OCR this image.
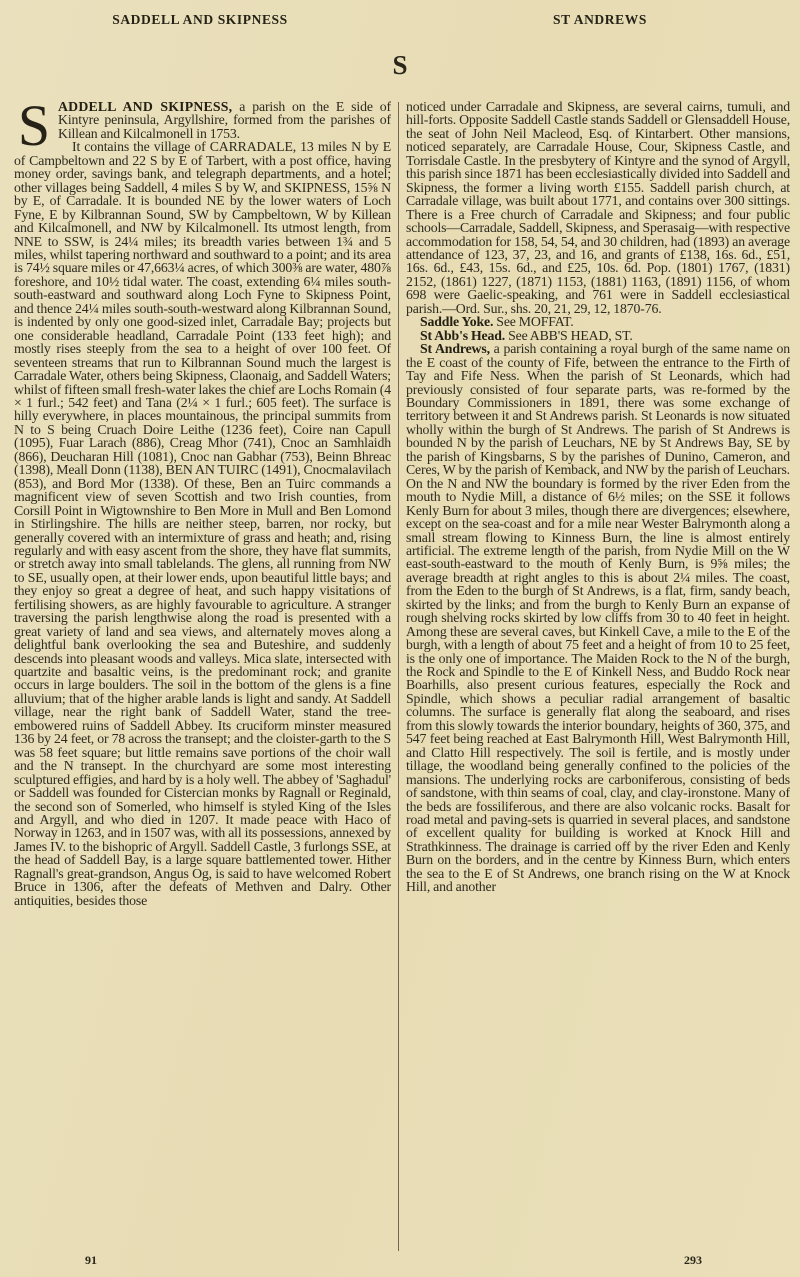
SADDELL AND SKIPNESS	ST ANDREWS
S
S ADDELL AND SKIPNESS, a parish on the E side of Kintyre peninsula, Argyllshire, formed from the parishes of Killean and Kilcalmonell in 1753.

It contains the village of CARRADALE, 13 miles N by E of Campbeltown and 22 S by E of Tarbert, with a post office, having money order, savings bank, and telegraph departments, and a hotel; other villages being Saddell, 4 miles S by W, and SKIPNESS, 15⅝ N by E, of Carradale. It is bounded NE by the lower waters of Loch Fyne, E by Kilbrannan Sound, SW by Campbeltown, W by Killean and Kilcalmonell, and NW by Kilcalmonell. Its utmost length, from NNE to SSW, is 24¼ miles; its breadth varies between 1¾ and 5 miles, whilst tapering northward and southward to a point; and its area is 74½ square miles or 47,663¼ acres, of which 300⅜ are water, 480⅞ foreshore, and 10½ tidal water. The coast, extending 6¼ miles south-south-eastward and southward along Loch Fyne to Skipness Point, and thence 24¼ miles south-south-westward along Kilbrannan Sound, is indented by only one good-sized inlet, Carradale Bay; projects but one considerable headland, Carradale Point (133 feet high); and mostly rises steeply from the sea to a height of over 100 feet. Of seventeen streams that run to Kilbrannan Sound much the largest is Carradale Water, others being Skipness, Claonaig, and Saddell Waters; whilst of fifteen small fresh-water lakes the chief are Lochs Romain (4 × 1 furl.; 542 feet) and Tana (2¼ × 1 furl.; 605 feet). The surface is hilly everywhere, in places mountainous, the principal summits from N to S being Cruach Doire Leithe (1236 feet), Coire nan Capull (1095), Fuar Larach (886), Creag Mhor (741), Cnoc an Samhlaidh (866), Deucharan Hill (1081), Cnoc nan Gabhar (753), Beinn Bhreac (1398), Meall Donn (1138), BEN AN TUIRC (1491), Cnocmalavilach (853), and Bord Mor (1338). Of these, Ben an Tuirc commands a magnificent view of seven Scottish and two Irish counties, from Corsill Point in Wigtownshire to Ben More in Mull and Ben Lomond in Stirlingshire. The hills are neither steep, barren, nor rocky, but generally covered with an intermixture of grass and heath; and, rising regularly and with easy ascent from the shore, they have flat summits, or stretch away into small tablelands. The glens, all running from NW to SE, usually open, at their lower ends, upon beautiful little bays; and they enjoy so great a degree of heat, and such happy visitations of fertilising showers, as are highly favourable to agriculture. A stranger traversing the parish lengthwise along the road is presented with a great variety of land and sea views, and alternately moves along a delightful bank overlooking the sea and Buteshire, and suddenly descends into pleasant woods and valleys. Mica slate, intersected with quartzite and basaltic veins, is the predominant rock; and granite occurs in large boulders. The soil in the bottom of the glens is a fine alluvium; that of the higher arable lands is light and sandy. At Saddell village, near the right bank of Saddell Water, stand the tree-embowered ruins of Saddell Abbey. Its cruciform minster measured 136 by 24 feet, or 78 across the transept; and the cloister-garth to the S was 58 feet square; but little remains save portions of the choir wall and the N transept. In the churchyard are some most interesting sculptured effigies, and hard by is a holy well. The abbey of 'Saghadul' or Saddell was founded for Cistercian monks by Ragnall or Reginald, the second son of Somerled, who himself is styled King of the Isles and Argyll, and who died in 1207. It made peace with Haco of Norway in 1263, and in 1507 was, with all its possessions, annexed by James IV. to the bishopric of Argyll. Saddell Castle, 3 furlongs SSE, at the head of Saddell Bay, is a large square battlemented tower. Hither Ragnall's great-grandson, Angus Og, is said to have welcomed Robert Bruce in 1306, after the defeats of Methven and Dalry. Other antiquities, besides those

noticed under Carradale and Skipness, are several cairns, tumuli, and hill-forts. Opposite Saddell Castle stands Saddell or Glensaddell House, the seat of John Neil Macleod, Esq. of Kintarbert. Other mansions, noticed separately, are Carradale House, Cour, Skipness Castle, and Torrisdale Castle. In the presbytery of Kintyre and the synod of Argyll, this parish since 1871 has been ecclesiastically divided into Saddell and Skipness, the former a living worth £155. Saddell parish church, at Carradale village, was built about 1771, and contains over 300 sittings. There is a Free church of Carradale and Skipness; and four public schools—Carradale, Saddell, Skipness, and Sperasaig—with respective accommodation for 158, 54, 54, and 30 children, had (1893) an average attendance of 123, 37, 23, and 16, and grants of £138, 16s. 6d., £51, 16s. 6d., £43, 15s. 6d., and £25, 10s. 6d. Pop. (1801) 1767, (1831) 2152, (1861) 1227, (1871) 1153, (1881) 1163, (1891) 1156, of whom 698 were Gaelic-speaking, and 761 were in Saddell ecclesiastical parish.—Ord. Sur., shs. 20, 21, 29, 12, 1870-76.

Saddle Yoke. See MOFFAT.

St Abb's Head. See ABB'S HEAD, ST.

St Andrews, a parish containing a royal burgh of the same name on the E coast of the county of Fife, between the entrance to the Firth of Tay and Fife Ness. When the parish of St Leonards, which had previously consisted of four separate parts, was re-formed by the Boundary Commissioners in 1891, there was some exchange of territory between it and St Andrews parish. St Leonards is now situated wholly within the burgh of St Andrews. The parish of St Andrews is bounded N by the parish of Leuchars, NE by St Andrews Bay, SE by the parish of Kingsbarns, S by the parishes of Dunino, Cameron, and Ceres, W by the parish of Kemback, and NW by the parish of Leuchars. On the N and NW the boundary is formed by the river Eden from the mouth to Nydie Mill, a distance of 6½ miles; on the SSE it follows Kenly Burn for about 3 miles, though there are divergences; elsewhere, except on the sea-coast and for a mile near Wester Balrymonth along a small stream flowing to Kinness Burn, the line is almost entirely artificial. The extreme length of the parish, from Nydie Mill on the W east-south-eastward to the mouth of Kenly Burn, is 9⅝ miles; the average breadth at right angles to this is about 2¼ miles. The coast, from the Eden to the burgh of St Andrews, is a flat, firm, sandy beach, skirted by the links; and from the burgh to Kenly Burn an expanse of rough shelving rocks skirted by low cliffs from 30 to 40 feet in height. Among these are several caves, but Kinkell Cave, a mile to the E of the burgh, with a length of about 75 feet and a height of from 10 to 25 feet, is the only one of importance. The Maiden Rock to the N of the burgh, the Rock and Spindle to the E of Kinkell Ness, and Buddo Rock near Boarhills, also present curious features, especially the Rock and Spindle, which shows a peculiar radial arrangement of basaltic columns. The surface is generally flat along the seaboard, and rises from this slowly towards the interior boundary, heights of 360, 375, and 547 feet being reached at East Balrymonth Hill, West Balrymonth Hill, and Clatto Hill respectively. The soil is fertile, and is mostly under tillage, the woodland being generally confined to the policies of the mansions. The underlying rocks are carboniferous, consisting of beds of sandstone, with thin seams of coal, clay, and clay-ironstone. Many of the beds are fossiliferous, and there are also volcanic rocks. Basalt for road metal and paving-sets is quarried in several places, and sandstone of excellent quality for building is worked at Knock Hill and Strathkinness. The drainage is carried off by the river Eden and Kenly Burn on the borders, and in the centre by Kinness Burn, which enters the sea to the E of St Andrews, one branch rising on the W at Knock Hill, and another

91	293
